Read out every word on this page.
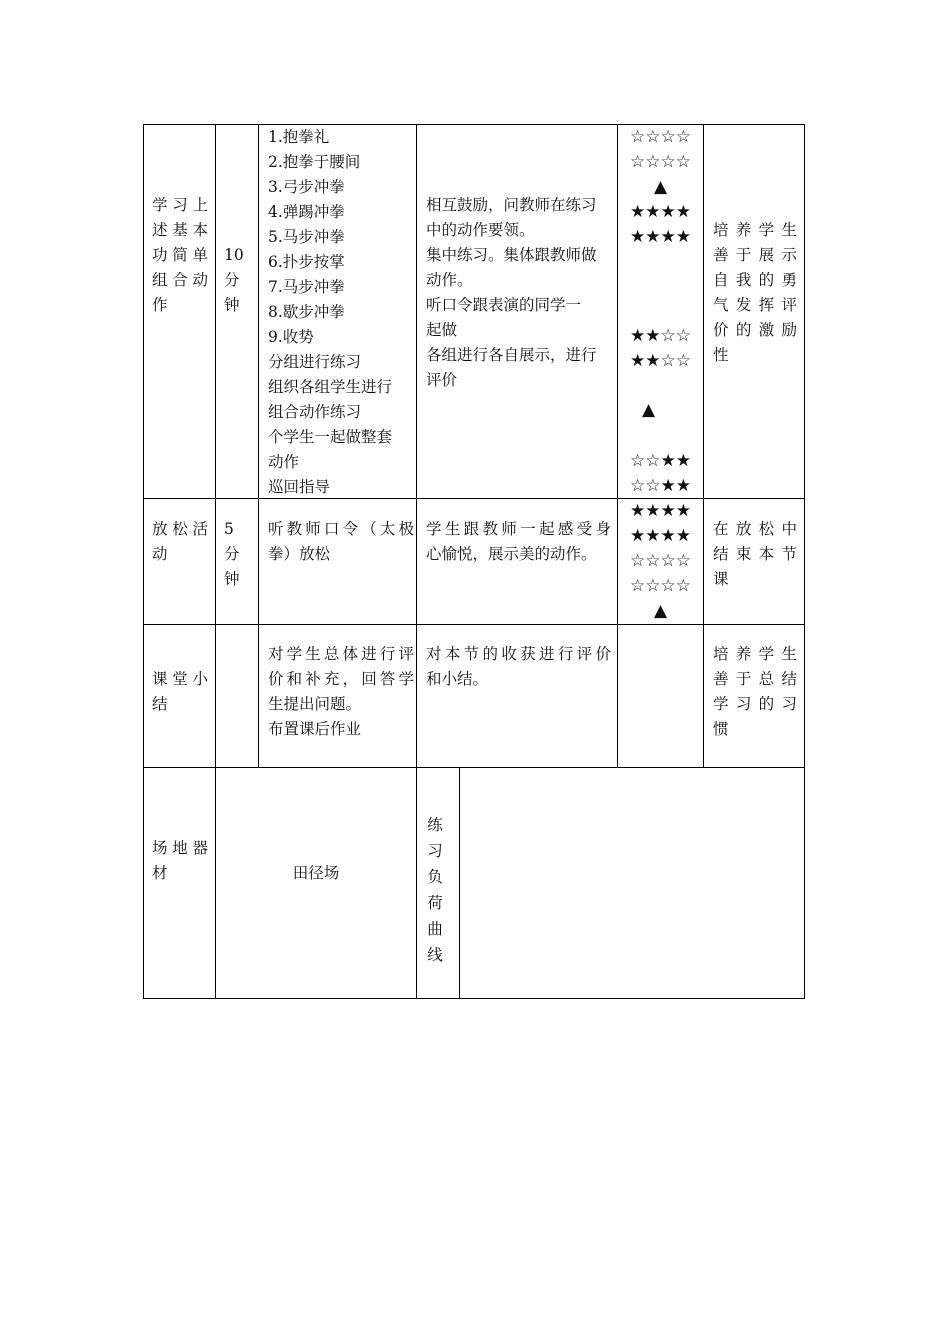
学习上
述基本
功简单
组合动
作
10
分
钟
1.抱拳礼
2.抱拳于腰间
3.弓步冲拳
4.弹踢冲拳
5.马步冲拳
6.扑步按掌
7.马步冲拳
8.歇步冲拳
9.收势
分组进行练习
组织各组学生进行
组合动作练习
个学生一起做整套
动作
巡回指导
相互鼓励，问教师在练习
中的动作要领。
集中练习。集体跟教师做
动作。
听口令跟表演的同学一
起做
各组进行各自展示，进行
评价
☆☆☆☆
☆☆☆☆
▲
★★★★
★★★★
★★☆☆
★★☆☆
▲
☆☆★★
☆☆★★
培养学生
善于展示
自我的勇
气发挥评
价的激励
性
放松活
动
5
分
钟
听教师口令（太极
拳）放松
学生跟教师一起感受身
心愉悦，展示美的动作。
★★★★
★★★★
☆☆☆☆
☆☆☆☆
▲
在放松中
结束本节
课
课堂小
结
对学生总体进行评
价和补充，回答学
生提出问题。
布置课后作业
对本节的收获进行评价
和小结。
培养学生
善于总结
学习的习
惯
场地器
材	田径场
练
习
负
荷
曲
线
